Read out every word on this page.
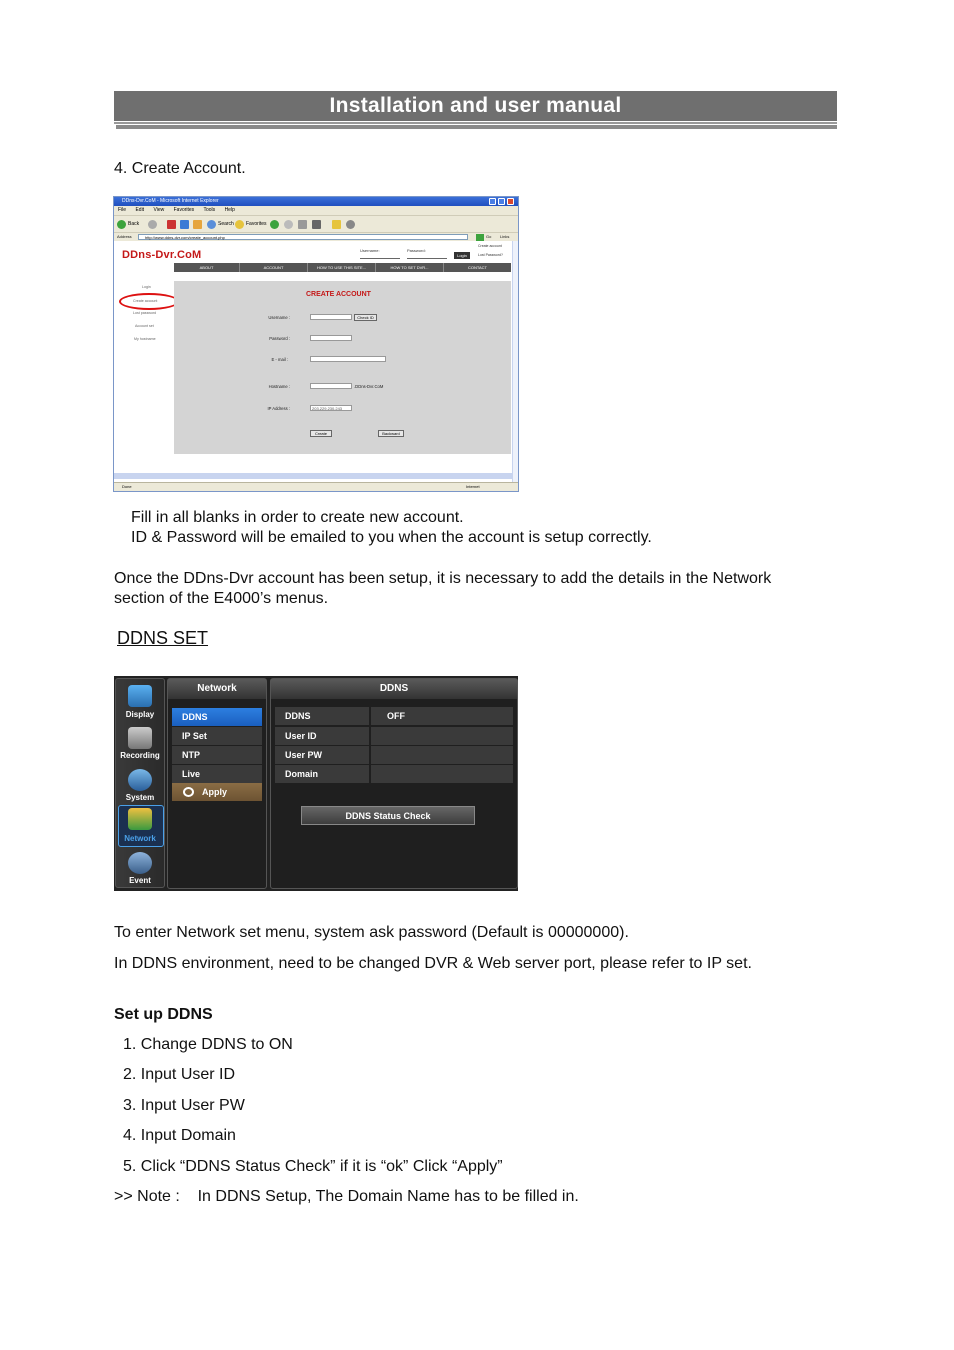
Installation and user manual
4. Create Account.
DDns-Dvr.CoM - Microsoft Internet Explorer
File Edit View Favorites Tools Help
Back	Search Favorites
Address	http://www.ddns-dvr.com/create_account.php	Go Links
DDns-Dvr.CoM	Username:	Password:
Login
Create account
Lost Password?
ABOUT	ACCOUNT	HOW TO USE THIS SITE...	HOW TO SET DVR...	CONTACT
Login
Create account
Lost password
Account set
My hostname
CREATE ACCOUNT
Username :	Check ID
Password :
E - mail :
Hostname :	.DDns-Dvr.CoM
IP Address :	203.229.230.243
Create	Backward
Done	Internet
Fill in all blanks in order to create new account.
ID & Password will be emailed to you when the account is setup correctly.
Once the DDns-Dvr account has been setup, it is necessary to add the details in the Network
section of the E4000’s menus.
DDNS SET
Display
Recording
System
Network
Event
Network
DDNS
IP Set
NTP
Live
Apply
DDNS
DDNS	OFF
User ID
User PW
Domain
DDNS Status Check
To enter Network set menu, system ask password (Default is 00000000).
In DDNS environment, need to be changed DVR & Web server port, please refer to IP set.
Set up DDNS
1. Change DDNS to ON
2. Input User ID
3. Input User PW
4. Input Domain
5. Click “DDNS Status Check” if it is “ok” Click “Apply”
>> Note :    In DDNS Setup, The Domain Name has to be filled in.
